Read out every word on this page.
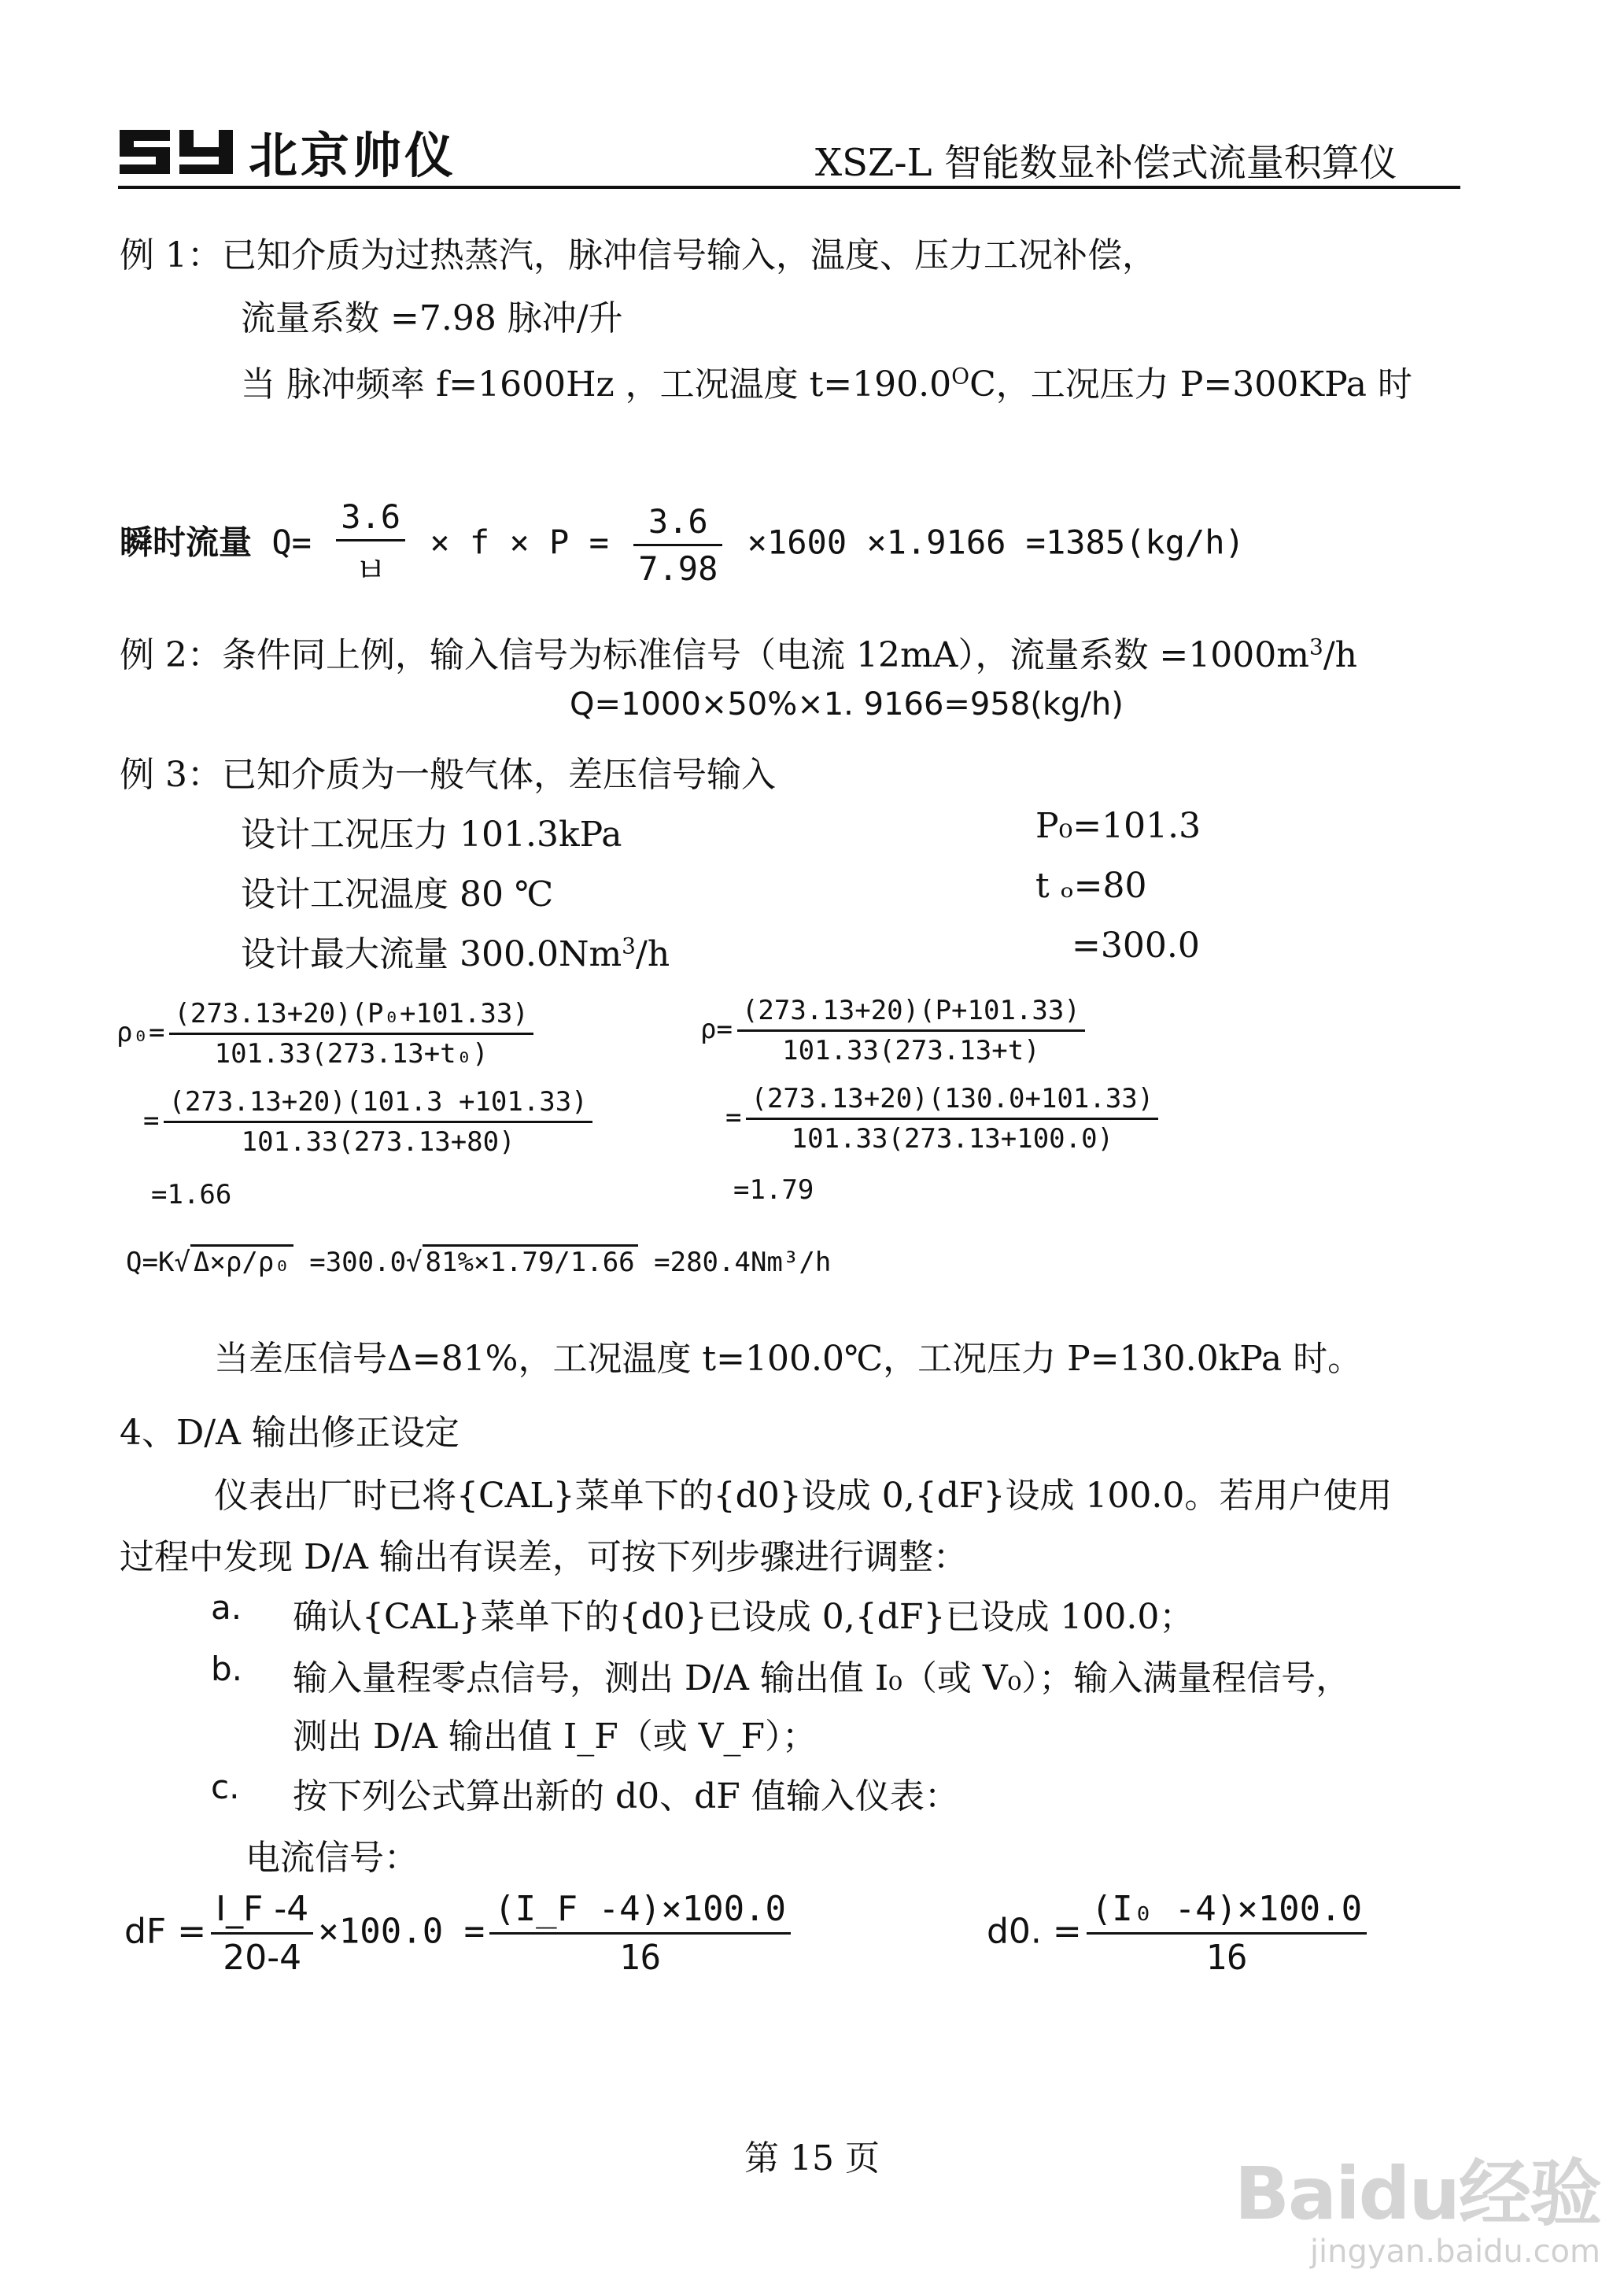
北京帅仪	XSZ-L 智能数显补偿式流量积算仪
例 1：已知介质为过热蒸汽，脉冲信号输入，温度、压力工况补偿，
流量系数 =7.98 脉冲/升
当 脉冲频率 f=1600Hz ，工况温度 $t=190.0^OC$，工况压力 P=300KPa 时
瞬时流量 $Q= \frac{3.6}{\text{ㅂ}} \times f \times P = \frac{3.6}{7.98} \times 1600 \times 1.9166 =1385(kg/h)$
例 2：条件同上例，输入信号为标准信号（电流 12mA），流量系数 $=1000m^3/h$
Q=1000×50%×1. 9166=958(kg/h)
例 3：已知介质为一般气体，差压信号输入
设计工况压力 101.3kPa	P₀=101.3
设计工况温度 80 ℃	t ₒ=80
设计最大流量 $300.0Nm^3/h$	=300.0
$\rho_0= \frac{\text{(273.13+20)(P₀+101.33)}}{\text{101.33(273.13+t₀)}}$
= $\frac{(273.13+20)(101.3 +101.33)}{101.33(273.13+80)}$
=1.66
$\rho= \frac{(273.13+20)(P+101.33)}{101.33(273.13+t)}$
= $\frac{(273.13+20)(130.0+101.33)}{101.33(273.13+100.0)}$
=1.79
Q=K√ Δ×ρ/ρ₀ =300.0√ 81%×1.79/1.66 =280.4Nm³/h
当差压信号Δ=81%，工况温度 t=100.0℃，工况压力 P=130.0kPa 时。
4、D/A 输出修正设定
仪表出厂时已将{CAL}菜单下的{d0}设成 0,{dF}设成 100.0。若用户使用
过程中发现 D/A 输出有误差，可按下列步骤进行调整：
a. 确认{CAL}菜单下的{d0}已设成 0,{dF}已设成 100.0；
b. 输入量程零点信号，测出 D/A 输出值 I₀（或 V₀）；输入满量程信号，
测出 D/A 输出值 I_F（或 V_F）；
c. 按下列公式算出新的 d0、dF 值输入仪表：
电流信号：
dF = $\frac{I\_F -4}{20-4} \times 100.0 = \frac{(I\_F -4)\times 100.0}{16}$	d0. = $\frac{\text{(I₀ -4)×100.0}}{16}$
第 15 页	Baidu经验
jingyan.baidu.com
